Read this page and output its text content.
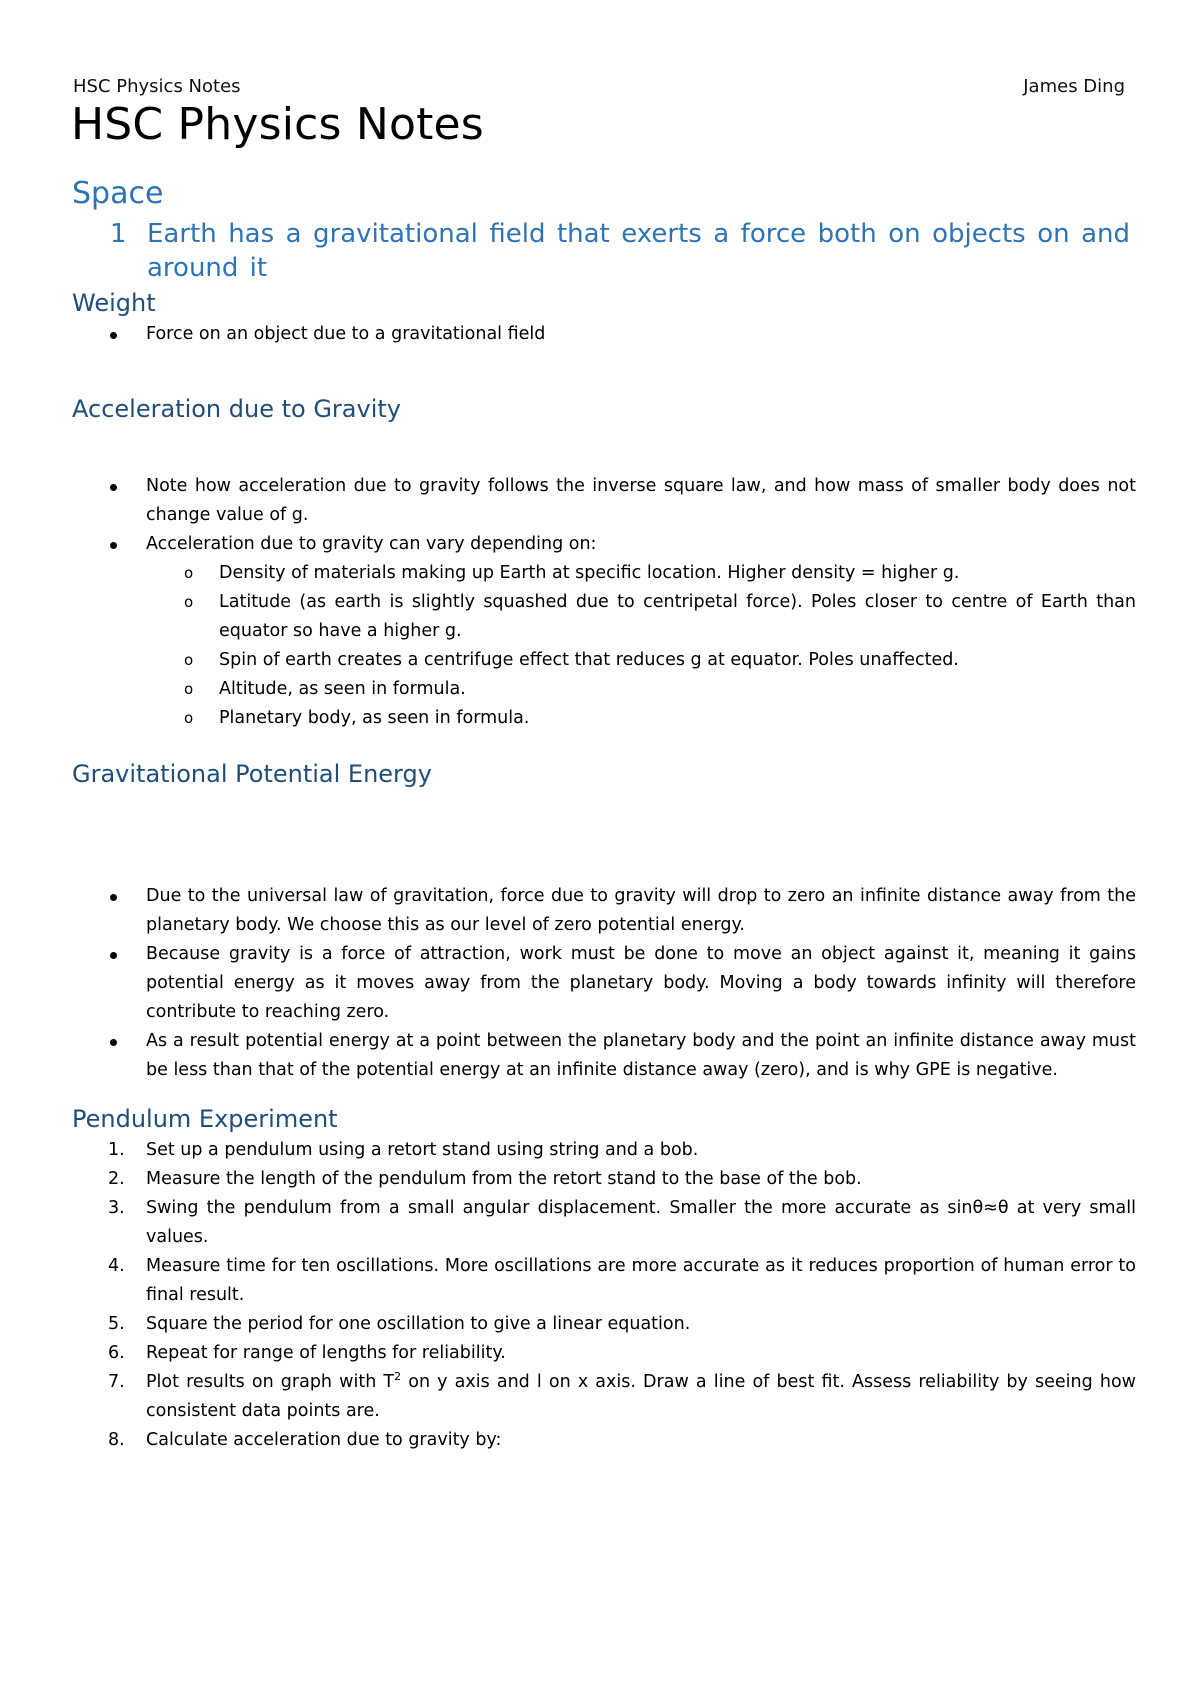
HSC Physics Notes	James Ding
HSC Physics Notes
Space
1 Earth has a gravitational field that exerts a force both on objects on and around it
Weight
Force on an object due to a gravitational field
Acceleration due to Gravity
Note how acceleration due to gravity follows the inverse square law, and how mass of smaller body does not change value of g.
Acceleration due to gravity can vary depending on:
o Density of materials making up Earth at specific location. Higher density = higher g.
o Latitude (as earth is slightly squashed due to centripetal force). Poles closer to centre of Earth than equator so have a higher g.
o Spin of earth creates a centrifuge effect that reduces g at equator. Poles unaffected.
o Altitude, as seen in formula.
o Planetary body, as seen in formula.
Gravitational Potential Energy
Due to the universal law of gravitation, force due to gravity will drop to zero an infinite distance away from the planetary body. We choose this as our level of zero potential energy.
Because gravity is a force of attraction, work must be done to move an object against it, meaning it gains potential energy as it moves away from the planetary body. Moving a body towards infinity will therefore contribute to reaching zero.
As a result potential energy at a point between the planetary body and the point an infinite distance away must be less than that of the potential energy at an infinite distance away (zero), and is why GPE is negative.
Pendulum Experiment
1. Set up a pendulum using a retort stand using string and a bob.
2. Measure the length of the pendulum from the retort stand to the base of the bob.
3. Swing the pendulum from a small angular displacement. Smaller the more accurate as sinθ≈θ at very small values.
4. Measure time for ten oscillations. More oscillations are more accurate as it reduces proportion of human error to final result.
5. Square the period for one oscillation to give a linear equation.
6. Repeat for range of lengths for reliability.
7. Plot results on graph with $T^2$ on y axis and l on x axis. Draw a line of best fit. Assess reliability by seeing how consistent data points are.
8. Calculate acceleration due to gravity by:
